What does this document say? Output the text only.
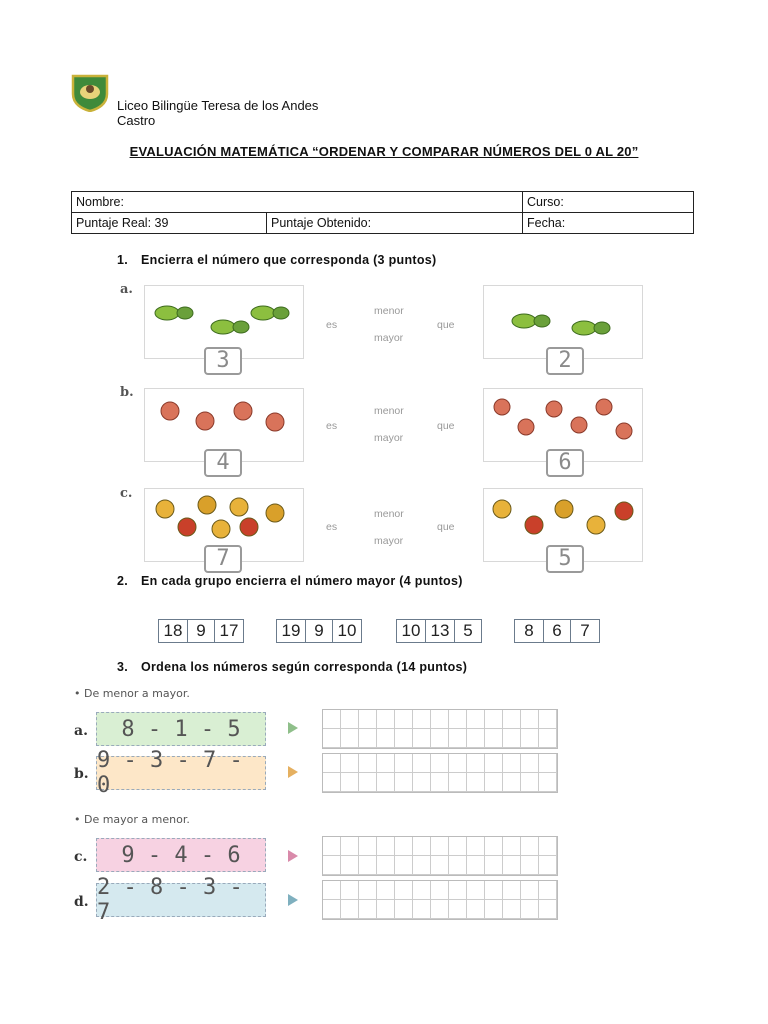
Liceo Bilingüe Teresa de los Andes
Castro
EVALUACIÓN MATEMÁTICA “ORDENAR Y COMPARAR NÚMEROS DEL 0 AL 20”
Nombre:		Curso:
Puntaje Real: 39	Puntaje Obtenido:	Fecha:
1. Encierra el número que corresponda (3 puntos)
a.
3
es
menor
mayor
que
2
b.
4
es
menor
mayor
que
6
c.
7
es
menor
mayor
que
5
2. En cada grupo encierra el número mayor (4 puntos)
18 9 17	19 9 10	10 13 5	8	6	7
3. Ordena los números según corresponda (14 puntos)
• De menor a mayor.
a.	8 - 1 - 5
b.
9 - 3 - 7 - 0
• De mayor a menor.
c.	9 - 4 - 6
d.
2 - 8 - 3 - 7
